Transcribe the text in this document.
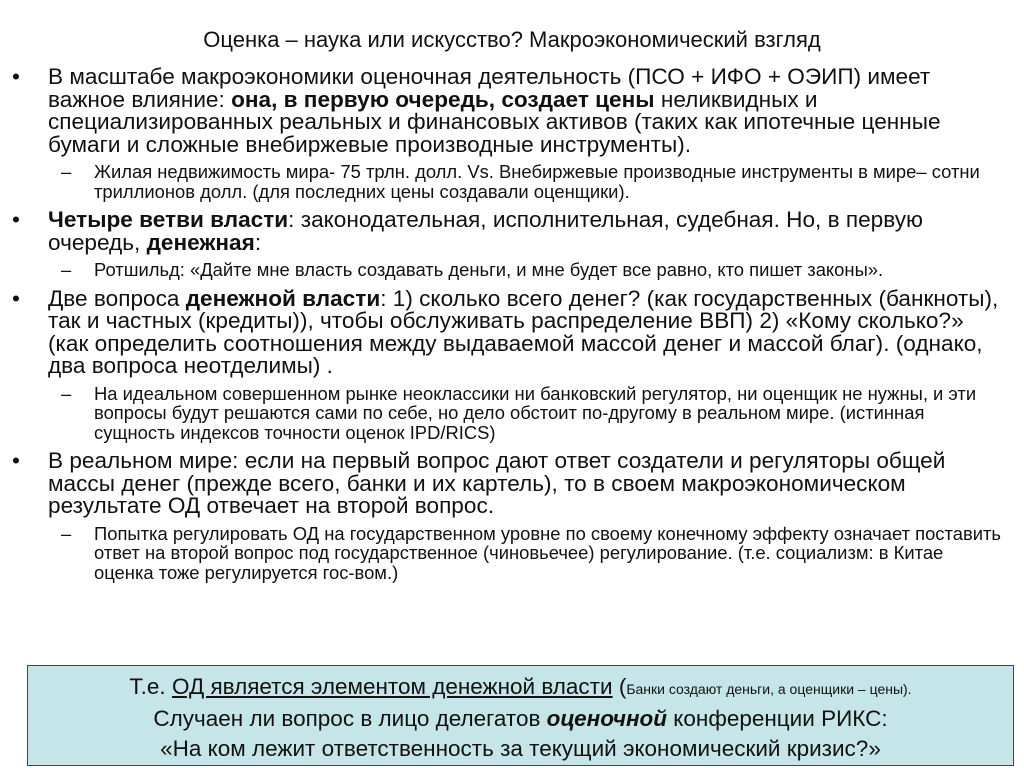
Оценка – наука или искусство? Макроэкономический взгляд
• В масштабе макроэкономики оценочная деятельность (ПСО + ИФО + ОЭИП) имеет важное влияние: она, в первую очередь, создает цены неликвидных и специализированных реальных и финансовых активов (таких как ипотечные ценные бумаги и сложные внебиржевые производные инструменты).
– Жилая недвижимость мира- 75 трлн. долл. Vs. Внебиржевые производные инструменты в мире– сотни триллионов долл. (для последних цены создавали оценщики).
• Четыре ветви власти: законодательная, исполнительная, судебная. Но, в первую очередь, денежная:
– Ротшильд: «Дайте мне власть создавать деньги, и мне будет все равно, кто пишет законы».
• Две вопроса денежной власти: 1) сколько всего денег? (как государственных (банкноты), так и частных (кредиты)), чтобы обслуживать распределение ВВП) 2) «Кому сколько?» (как определить соотношения между выдаваемой массой денег и массой благ). (однако, два вопроса неотделимы) .
– На идеальном совершенном рынке неоклассики ни банковский регулятор, ни оценщик не нужны, и эти вопросы будут решаются сами по себе, но дело обстоит по-другому в реальном мире. (истинная сущность индексов точности оценок IPD/RICS)
• В реальном мире: если на первый вопрос дают ответ создатели и регуляторы общей массы денег (прежде всего, банки и их картель), то в своем макроэкономическом результате ОД отвечает на второй вопрос.
– Попытка регулировать ОД на государственном уровне по своему конечному эффекту означает поставить ответ на второй вопрос под государственное (чиновьечее) регулирование. (т.е. социализм: в Китае оценка тоже регулируется гос-вом.)
Т.е. ОД является элементом денежной власти (Банки создают деньги, а оценщики – цены).
Случаен ли вопрос в лицо делегатов оценочной конференции РИКС:
«На ком лежит ответственность за текущий экономический кризис?»
